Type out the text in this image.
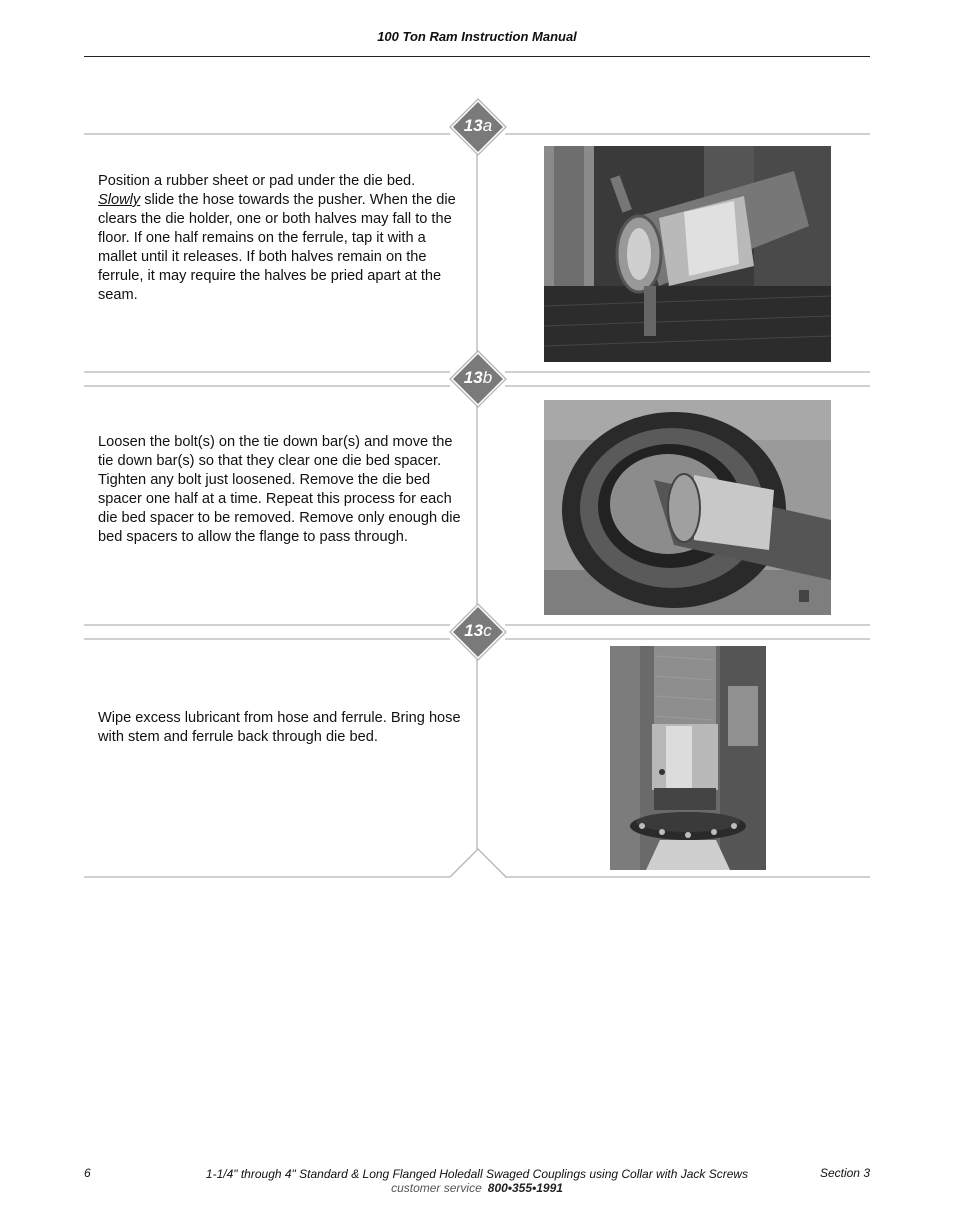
100 Ton Ram Instruction Manual
13a
13b
13c
Position a rubber sheet or pad under the die bed.
Slowly slide the hose towards the pusher. When the die clears the die holder, one or both halves may fall to the floor. If one half remains on the ferrule, tap it with a mallet until it releases. If both halves remain on the ferrule, it may require the halves be pried apart at the seam.
Loosen the bolt(s) on the tie down bar(s) and move the tie down bar(s) so that they clear one die bed spacer. Tighten any bolt just loosened. Remove the die bed spacer one half at a time. Repeat this process for each die bed spacer to be removed. Remove only enough die bed spacers to allow the flange to pass through.
Wipe excess lubricant from hose and ferrule. Bring hose with stem and ferrule back through die bed.
6	1-1/4" through 4" Standard & Long Flanged Holedall Swaged Couplings using Collar with Jack Screws	Section 3
customer service 800•355•1991
